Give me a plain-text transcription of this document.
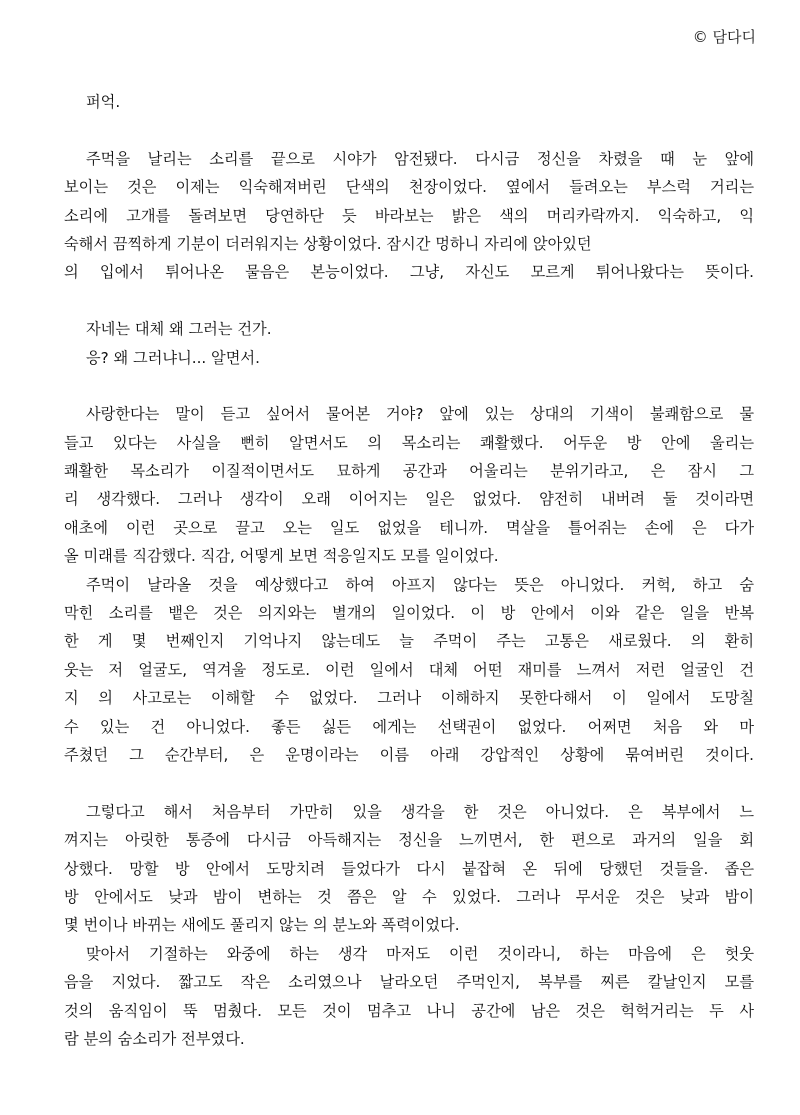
© 담다디
퍼억.
주먹을 날리는 소리를 끝으로 시야가 암전됐다. 다시금 정신을 차렸을 때 눈 앞에
보이는 것은 이제는 익숙해져버린 단색의 천장이었다. 옆에서 들려오는 부스럭 거리는
소리에 고개를 돌려보면 당연하단 듯 바라보는 밝은 색의 머리카락까지. 익숙하고, 익
숙해서 끔찍하게 기분이 더러워지는 상황이었다. 잠시간 멍하니 자리에 앉아있던
의 입에서 튀어나온 물음은 본능이었다. 그냥, 자신도 모르게 튀어나왔다는 뜻이다.
자네는 대체 왜 그러는 건가.
응? 왜 그러냐니... 알면서.
사랑한다는 말이 듣고 싶어서 물어본 거야? 앞에 있는 상대의 기색이 불쾌함으로 물
들고 있다는 사실을 뻔히 알면서도 의 목소리는 쾌활했다. 어두운 방 안에 울리는
쾌활한 목소리가 이질적이면서도 묘하게 공간과 어울리는 분위기라고, 은 잠시 그
리 생각했다. 그러나 생각이 오래 이어지는 일은 없었다. 얌전히 내버려 둘 것이라면
애초에 이런 곳으로 끌고 오는 일도 없었을 테니까. 멱살을 틀어쥐는 손에 은 다가
올 미래를 직감했다. 직감, 어떻게 보면 적응일지도 모를 일이었다.
주먹이 날라올 것을 예상했다고 하여 아프지 않다는 뜻은 아니었다. 커헉, 하고 숨
막힌 소리를 뱉은 것은 의지와는 별개의 일이었다. 이 방 안에서 이와 같은 일을 반복
한 게 몇 번째인지 기억나지 않는데도 늘 주먹이 주는 고통은 새로웠다. 의 환히
웃는 저 얼굴도, 역겨울 정도로. 이런 일에서 대체 어떤 재미를 느껴서 저런 얼굴인 건
지 의 사고로는 이해할 수 없었다. 그러나 이해하지 못한다해서 이 일에서 도망칠
수 있는 건 아니었다. 좋든 싫든 에게는 선택권이 없었다. 어쩌면 처음 와 마
주쳤던 그 순간부터, 은 운명이라는 이름 아래 강압적인 상황에 묶여버린 것이다.
그렇다고 해서 처음부터 가만히 있을 생각을 한 것은 아니었다. 은 복부에서 느
껴지는 아릿한 통증에 다시금 아득해지는 정신을 느끼면서, 한 편으로 과거의 일을 회
상했다. 망할 방 안에서 도망치려 들었다가 다시 붙잡혀 온 뒤에 당했던 것들을. 좁은
방 안에서도 낮과 밤이 변하는 것 쯤은 알 수 있었다. 그러나 무서운 것은 낮과 밤이
몇 번이나 바뀌는 새에도 풀리지 않는 의 분노와 폭력이었다.
맞아서 기절하는 와중에 하는 생각 마저도 이런 것이라니, 하는 마음에 은 헛웃
음을 지었다. 짧고도 작은 소리였으나 날라오던 주먹인지, 복부를 찌른 칼날인지 모를
것의 움직임이 뚝 멈췄다. 모든 것이 멈추고 나니 공간에 남은 것은 헉헉거리는 두 사
람 분의 숨소리가 전부였다.
